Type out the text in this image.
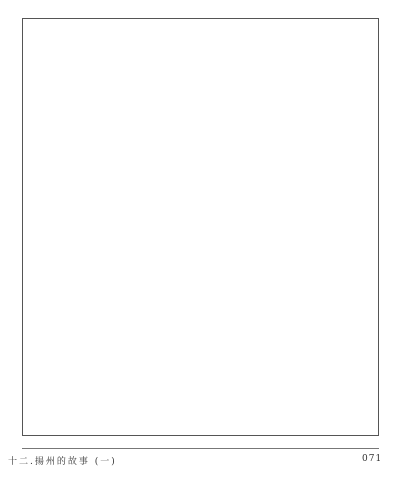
十二.揚州的故事 (一)	071
